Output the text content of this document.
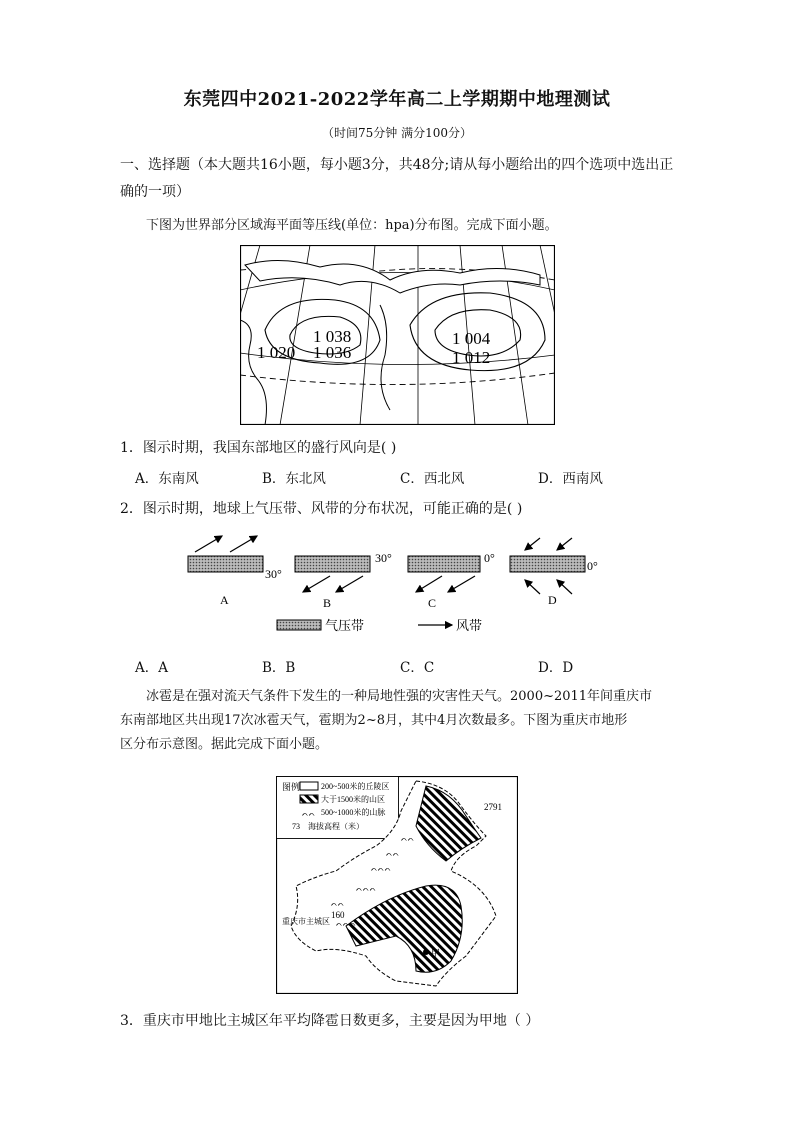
东莞四中2021-2022学年高二上学期期中地理测试
（时间75分钟 满分100分）
一、选择题（本大题共16小题，每小题3分，共48分;请从每小题给出的四个选项中选出正确的一项）
下图为世界部分区域海平面等压线(单位：hpa)分布图。完成下面小题。
1 038
1 020 1 036
1 004
1 012
1．图示时期，我国东部地区的盛行风向是( )
A．东南风	B．东北风	C．西北风	D．西南风
2．图示时期，地球上气压带、风带的分布状况，可能正确的是( )
30°
A
30°
B
0°
C
0°
D
气压带	风带
A．A	B．B	C．C	D．D
冰雹是在强对流天气条件下发生的一种局地性强的灾害性天气。2000~2011年间重庆市
东南部地区共出现17次冰雹天气，雹期为2~8月，其中4月次数最多。下图为重庆市地形
区分布示意图。据此完成下面小题。
图例	200~500米的丘陵区
大于1500米的山区
ᨈᨈ 500~1000米的山脉
73 海拔高程（米）
ᨈᨈᨈ
ᨈᨈ
ᨈᨈᨈ
ᨈᨈ
ᨈᨈᨈ
ᨈᨈ
2791
160
重庆市主城区
甲
3．重庆市甲地比主城区年平均降雹日数更多，主要是因为甲地（ ）
